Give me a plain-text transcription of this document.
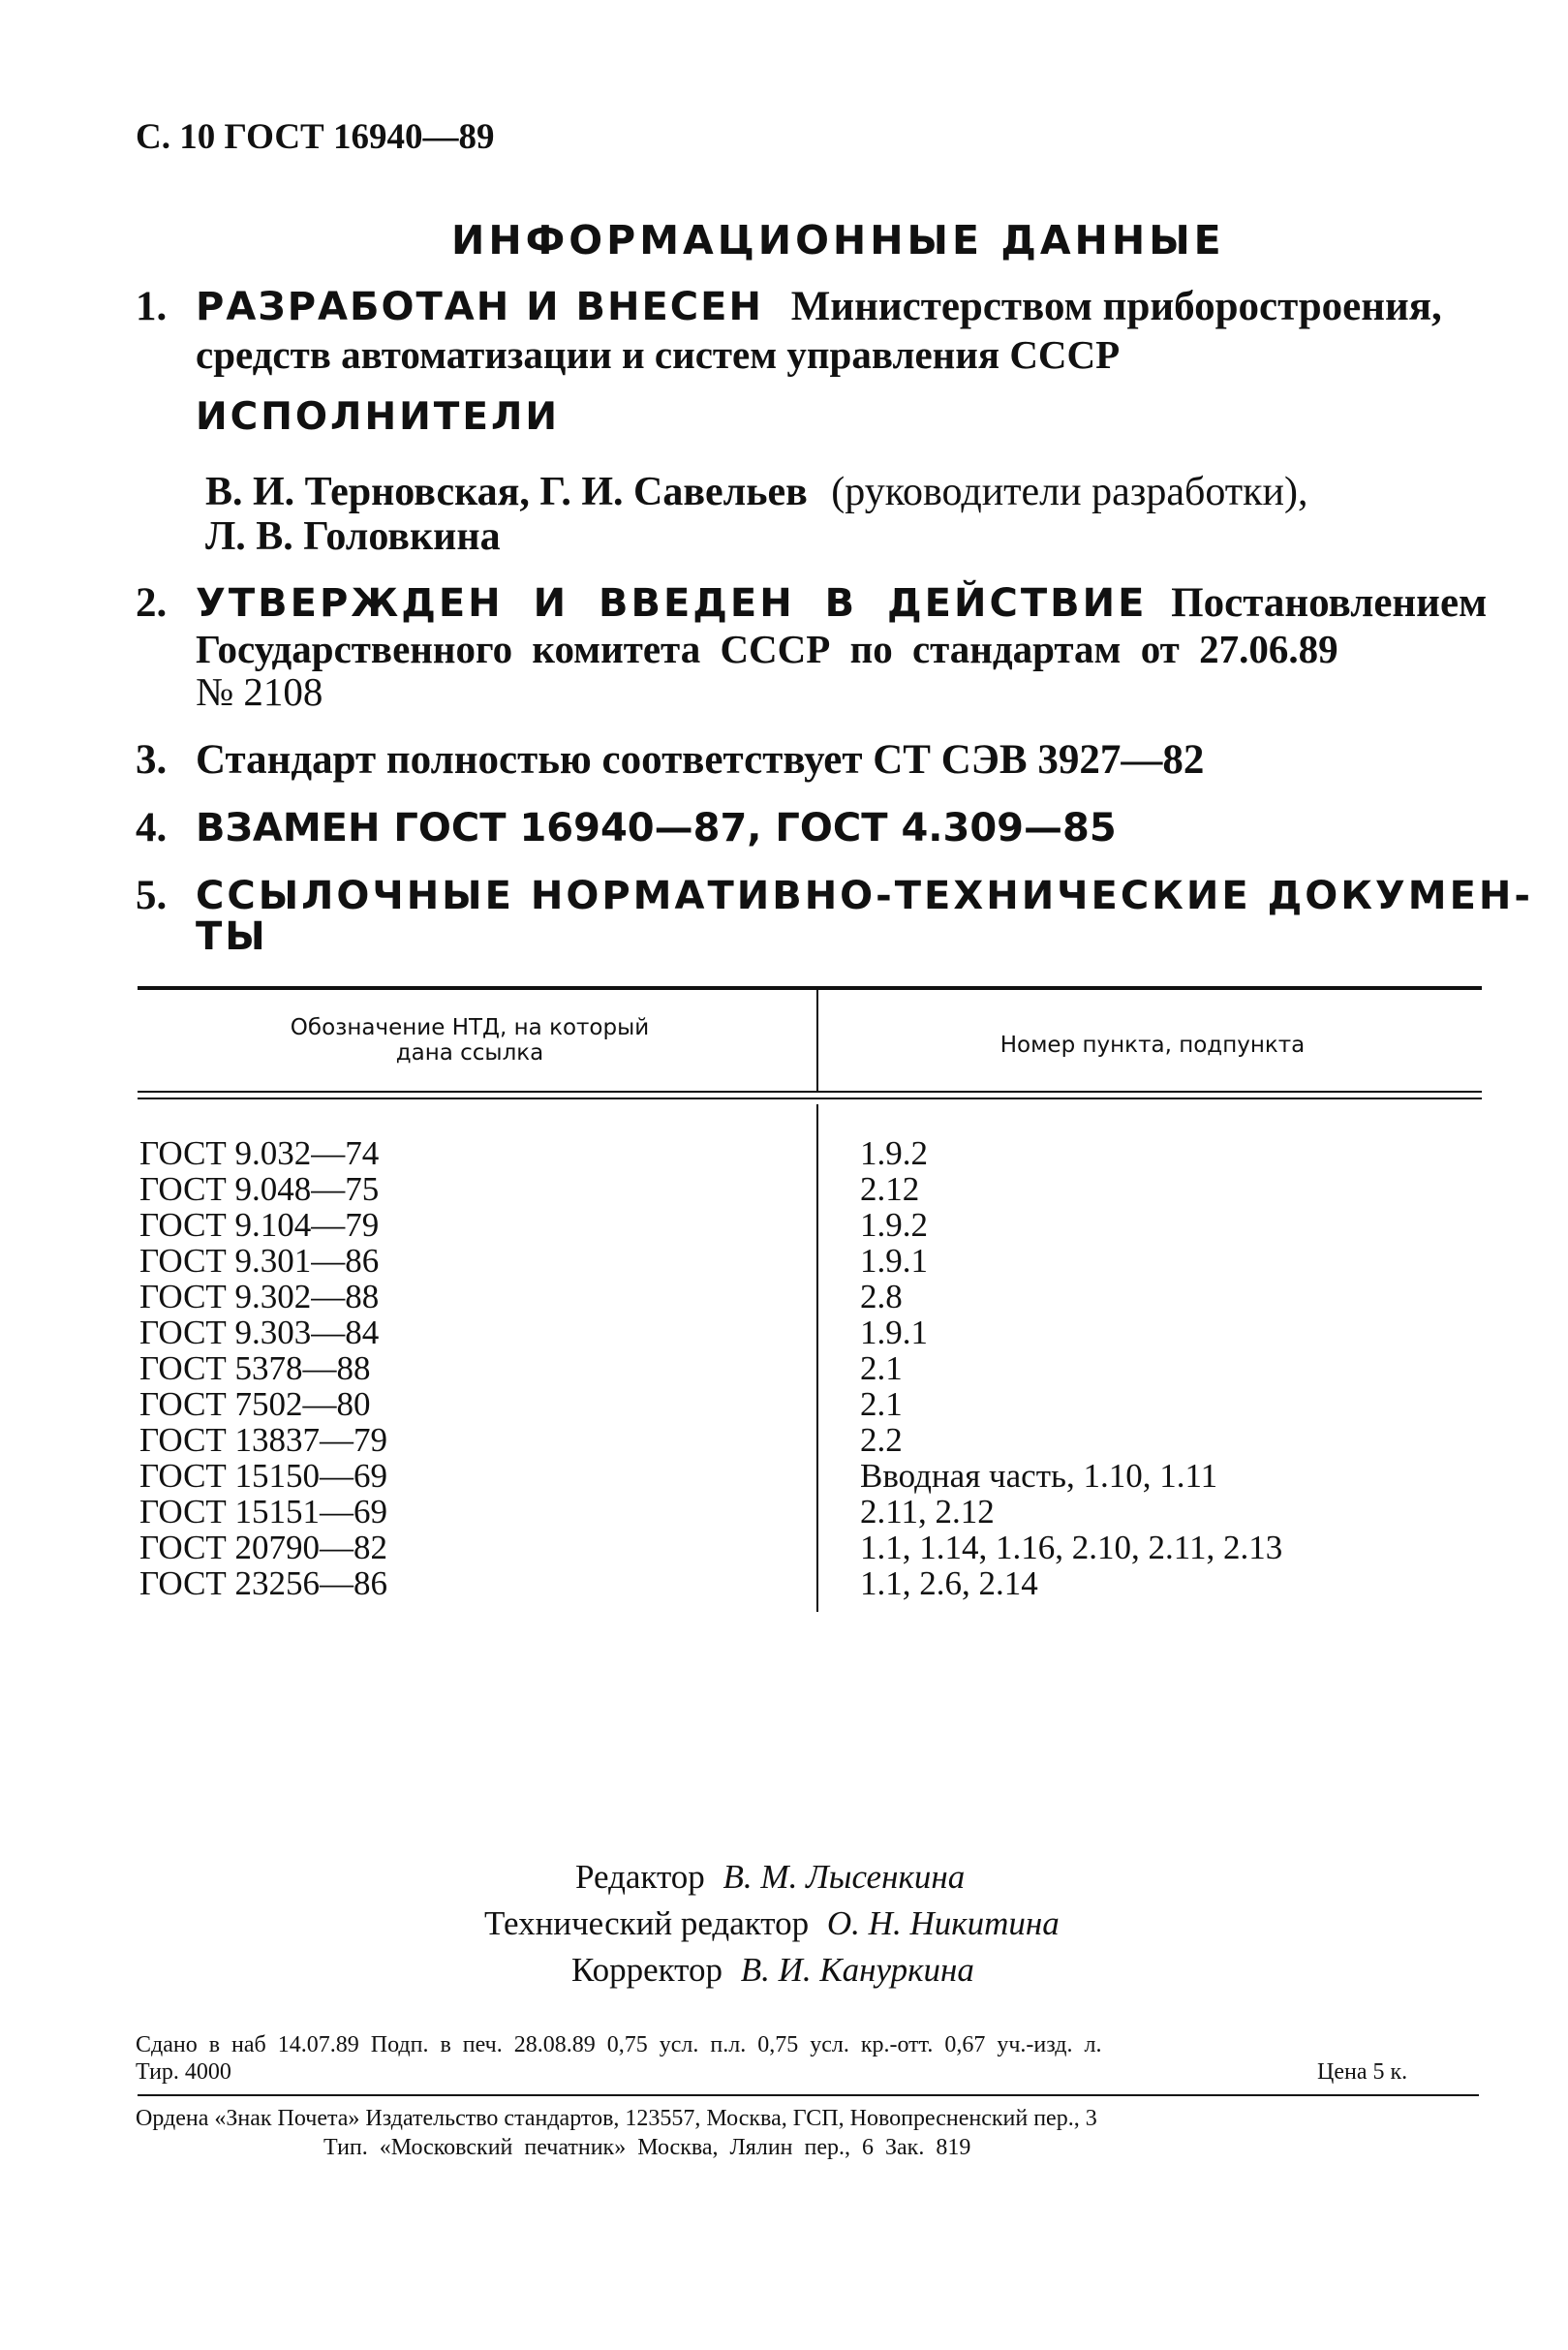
С. 10 ГОСТ 16940—89
ИНФОРМАЦИОННЫЕ ДАННЫЕ
1. РАЗРАБОТАН И ВНЕСЕН Министерством приборостроения,
средств автоматизации и систем управления СССР
ИСПОЛНИТЕЛИ
В. И. Терновская, Г. И. Савельев (руководители разработки),
Л. В. Головкина
2. УТВЕРЖДЕН И ВВЕДЕН В ДЕЙСТВИЕ Постановлением
Государственного комитета СССР по стандартам от 27.06.89
№ 2108
3. Стандарт полностью соответствует СТ СЭВ 3927—82
4. ВЗАМЕН ГОСТ 16940—87, ГОСТ 4.309—85
5. ССЫЛОЧНЫЕ НОРМАТИВНО-ТЕХНИЧЕСКИЕ ДОКУМЕН-
ТЫ
Обозначение НТД, на который
дана ссылка	Номер пункта, подпункта
ГОСТ 9.032—74
ГОСТ 9.048—75
ГОСТ 9.104—79
ГОСТ 9.301—86
ГОСТ 9.302—88
ГОСТ 9.303—84
ГОСТ 5378—88
ГОСТ 7502—80
ГОСТ 13837—79
ГОСТ 15150—69
ГОСТ 15151—69
ГОСТ 20790—82
ГОСТ 23256—86
1.9.2
2.12
1.9.2
1.9.1
2.8
1.9.1
2.1
2.1
2.2
Вводная часть, 1.10, 1.11
2.11, 2.12
1.1, 1.14, 1.16, 2.10, 2.11, 2.13
1.1, 2.6, 2.14
Редактор В. М. Лысенкина
Технический редактор О. Н. Никитина
Корректор В. И. Кануркина
Сдано в наб 14.07.89 Подп. в печ. 28.08.89 0,75 усл. п.л. 0,75 усл. кр.-отт. 0,67 уч.-изд. л.
Тир. 4000	Цена 5 к.
Ордена «Знак Почета» Издательство стандартов, 123557, Москва, ГСП, Новопресненский пер., 3
Тип. «Московский печатник» Москва, Лялин пер., 6 Зак. 819
